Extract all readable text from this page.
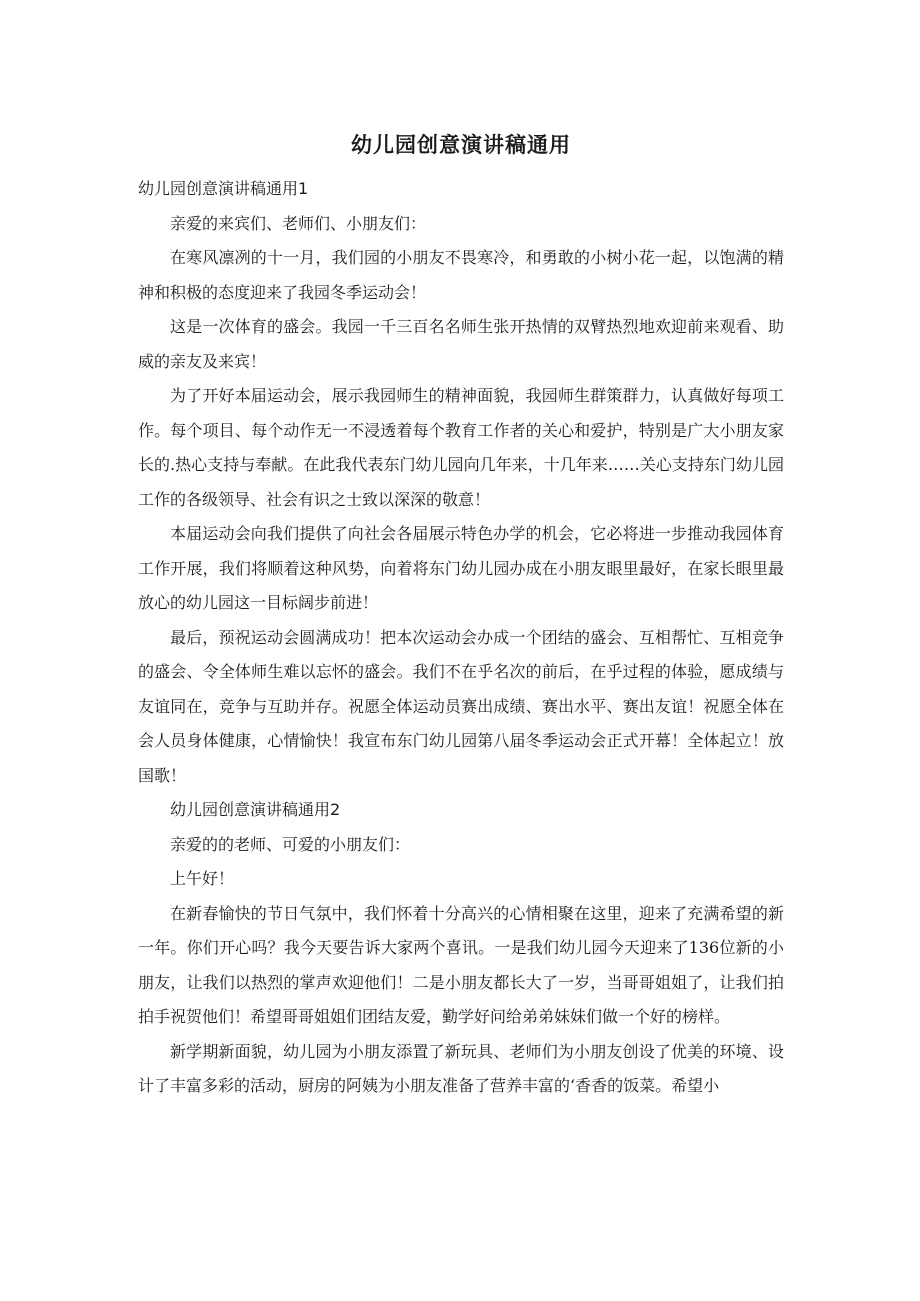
幼儿园创意演讲稿通用

幼儿园创意演讲稿通用1

亲爱的来宾们、老师们、小朋友们：

在寒风凛冽的十一月，我们园的小朋友不畏寒冷，和勇敢的小树小花一起，以饱满的精神和积极的态度迎来了我园冬季运动会！

这是一次体育的盛会。我园一千三百名名师生张开热情的双臂热烈地欢迎前来观看、助威的亲友及来宾！

为了开好本届运动会，展示我园师生的精神面貌，我园师生群策群力，认真做好每项工作。每个项目、每个动作无一不浸透着每个教育工作者的关心和爱护，特别是广大小朋友家长的.热心支持与奉献。在此我代表东门幼儿园向几年来，十几年来……关心支持东门幼儿园工作的各级领导、社会有识之士致以深深的敬意！

本届运动会向我们提供了向社会各届展示特色办学的机会，它必将进一步推动我园体育工作开展，我们将顺着这种风势，向着将东门幼儿园办成在小朋友眼里最好，在家长眼里最放心的幼儿园这一目标阔步前进！

最后，预祝运动会圆满成功！把本次运动会办成一个团结的盛会、互相帮忙、互相竞争的盛会、令全体师生难以忘怀的盛会。我们不在乎名次的前后，在乎过程的体验，愿成绩与友谊同在，竞争与互助并存。祝愿全体运动员赛出成绩、赛出水平、赛出友谊！祝愿全体在会人员身体健康，心情愉快！我宣布东门幼儿园第八届冬季运动会正式开幕！全体起立！放国歌！

幼儿园创意演讲稿通用2

亲爱的的老师、可爱的小朋友们：

上午好！

在新春愉快的节日气氛中，我们怀着十分高兴的心情相聚在这里，迎来了充满希望的新一年。你们开心吗？我今天要告诉大家两个喜讯。一是我们幼儿园今天迎来了136位新的小朋友，让我们以热烈的掌声欢迎他们！二是小朋友都长大了一岁，当哥哥姐姐了，让我们拍拍手祝贺他们！希望哥哥姐姐们团结友爱，勤学好问给弟弟妹妹们做一个好的榜样。

新学期新面貌，幼儿园为小朋友添置了新玩具、老师们为小朋友创设了优美的环境、设计了丰富多彩的活动，厨房的阿姨为小朋友准备了营养丰富的‘香香的饭菜。希望小
